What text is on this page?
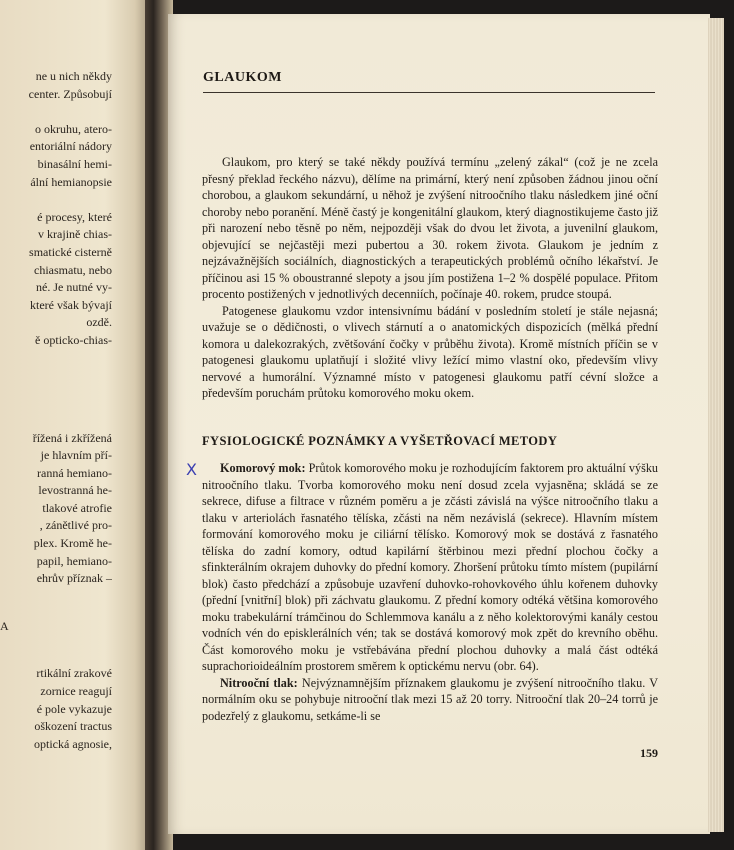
ne u nich někdy
center. Způsobují
o okruhu, atero-
entoriální nádory
binasální hemi-
ální hemianopsie
é procesy, které
v krajině chias-
smatické cisterně
chiasmatu, nebo
né. Je nutné vy-
které však bývají
ozdě.
ě opticko-chias-
řížená i zkřížená
je hlavním pří-
ranná hemiano-
levostranná he-
tlakové atrofie
, zánětlivé pro-
plex. Kromě he-
papil, hemiano-
ehrův příznak –
A
rtikální zrakové
zornice reagují
é pole vykazuje
oškození tractus
optická agnosie,
GLAUKOM

Glaukom, pro který se také někdy používá termínu „zelený zákal“ (což je ne zcela přesný překlad řeckého názvu), dělíme na primární, který není způsoben žádnou jinou oční chorobou, a glaukom sekundární, u něhož je zvýšení nitroočního tlaku následkem jiné oční choroby nebo poranění. Méně častý je kongenitální glaukom, který diagnostikujeme často již při narození nebo těsně po něm, nejpozději však do dvou let života, a juvenilní glaukom, objevující se nejčastěji mezi pubertou a 30. rokem života. Glaukom je jedním z nejzávažnějších sociálních, diagnostických a terapeutických problémů očního lékařství. Je příčinou asi 15 % oboustranné slepoty a jsou jím postižena 1–2 % dospělé populace. Přitom procento postižených v jednotlivých decenniích, počínaje 40. rokem, prudce stoupá.

Patogenese glaukomu vzdor intensivnímu bádání v posledním století je stále nejasná; uvažuje se o dědičnosti, o vlivech stárnutí a o anatomických dispozicích (mělká přední komora u dalekozrakých, zvětšování čočky v průběhu života). Kromě místních příčin se v patogenesi glaukomu uplatňují i složité vlivy ležící mimo vlastní oko, především vlivy nervové a humorální. Významné místo v patogenesi glaukomu patří cévní složce a především poruchám průtoku komorového moku okem.

FYSIOLOGICKÉ POZNÁMKY A VYŠETŘOVACÍ METODY
X	Komorový mok: Průtok komorového moku je rozhodujícím faktorem pro aktuální výšku nitroočního tlaku. Tvorba komorového moku není dosud zcela vyjasněna; skládá se ze sekrece, difuse a filtrace v různém poměru a je zčásti závislá na výšce nitroočního tlaku a tlaku v arteriolách řasnatého tělíska, zčásti na něm nezávislá (sekrece). Hlavním místem formování komorového moku je ciliární tělísko. Komorový mok se dostává z řasnatého tělíska do zadní komory, odtud kapilární štěrbinou mezi přední plochou čočky a sfinkterálním okrajem duhovky do přední komory. Zhoršení průtoku tímto místem (pupilární blok) často předchází a způsobuje uzavření duhovko-rohovkového úhlu kořenem duhovky (přední [vnitřní] blok) při záchvatu glaukomu. Z přední komory odtéká většina komorového moku trabekulární trámčinou do Schlemmova kanálu a z něho kolektorovými kanály cestou vodních vén do episklerálních vén; tak se dostává komorový mok zpět do krevního oběhu. Část komorového moku je vstřebávána přední plochou duhovky a malá část odtéká suprachorioideálním prostorem směrem k optickému nervu (obr. 64).

Nitrooční tlak: Nejvýznamnějším příznakem glaukomu je zvýšení nitroočního tlaku. V normálním oku se pohybuje nitrooční tlak mezi 15 až 20 torry. Nitrooční tlak 20–24 torrů je podezřelý z glaukomu, setkáme-li se

159
